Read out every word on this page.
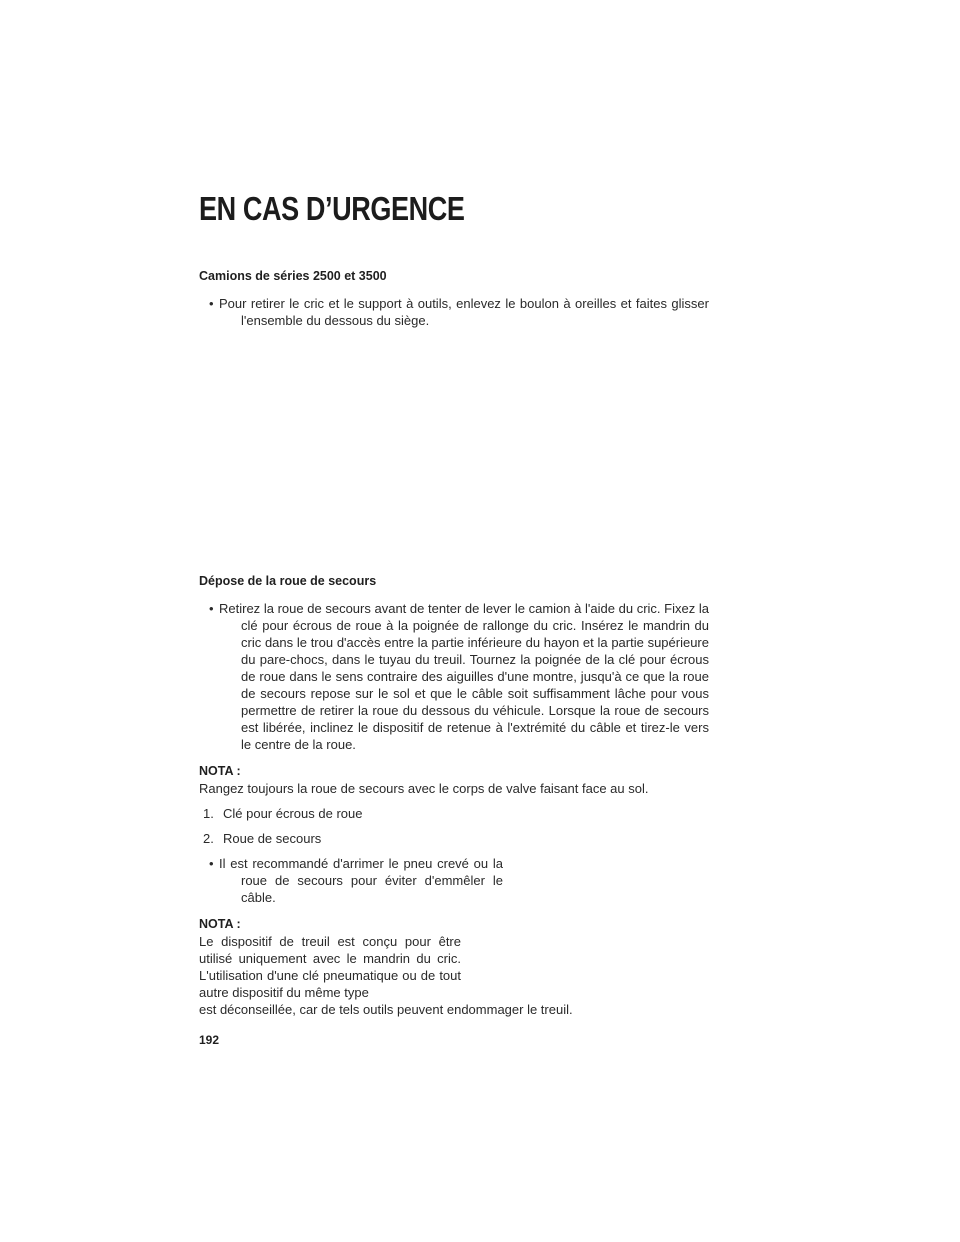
EN CAS D’URGENCE

Camions de séries 2500 et 3500

• Pour retirer le cric et le support à outils, enlevez le boulon à oreilles et faites glisser l'ensemble du dessous du siège.

Dépose de la roue de secours

• Retirez la roue de secours avant de tenter de lever le camion à l'aide du cric. Fixez la clé pour écrous de roue à la poignée de rallonge du cric. Insérez le mandrin du cric dans le trou d'accès entre la partie inférieure du hayon et la partie supérieure du pare-chocs, dans le tuyau du treuil. Tournez la poignée de la clé pour écrous de roue dans le sens contraire des aiguilles d'une montre, jusqu'à ce que la roue de secours repose sur le sol et que le câble soit suffisamment lâche pour vous permettre de retirer la roue du dessous du véhicule. Lorsque la roue de secours est libérée, inclinez le dispositif de retenue à l'extrémité du câble et tirez-le vers le centre de la roue.

NOTA :

Rangez toujours la roue de secours avec le corps de valve faisant face au sol.

1. Clé pour écrous de roue

2. Roue de secours

• Il est recommandé d'arrimer le pneu crevé ou la roue de secours pour éviter d'emmêler le câble.

NOTA :

Le dispositif de treuil est conçu pour être utilisé uniquement avec le mandrin du cric. L'utilisation d'une clé pneumatique ou de tout autre dispositif du même type

est déconseillée, car de tels outils peuvent endommager le treuil.

192
